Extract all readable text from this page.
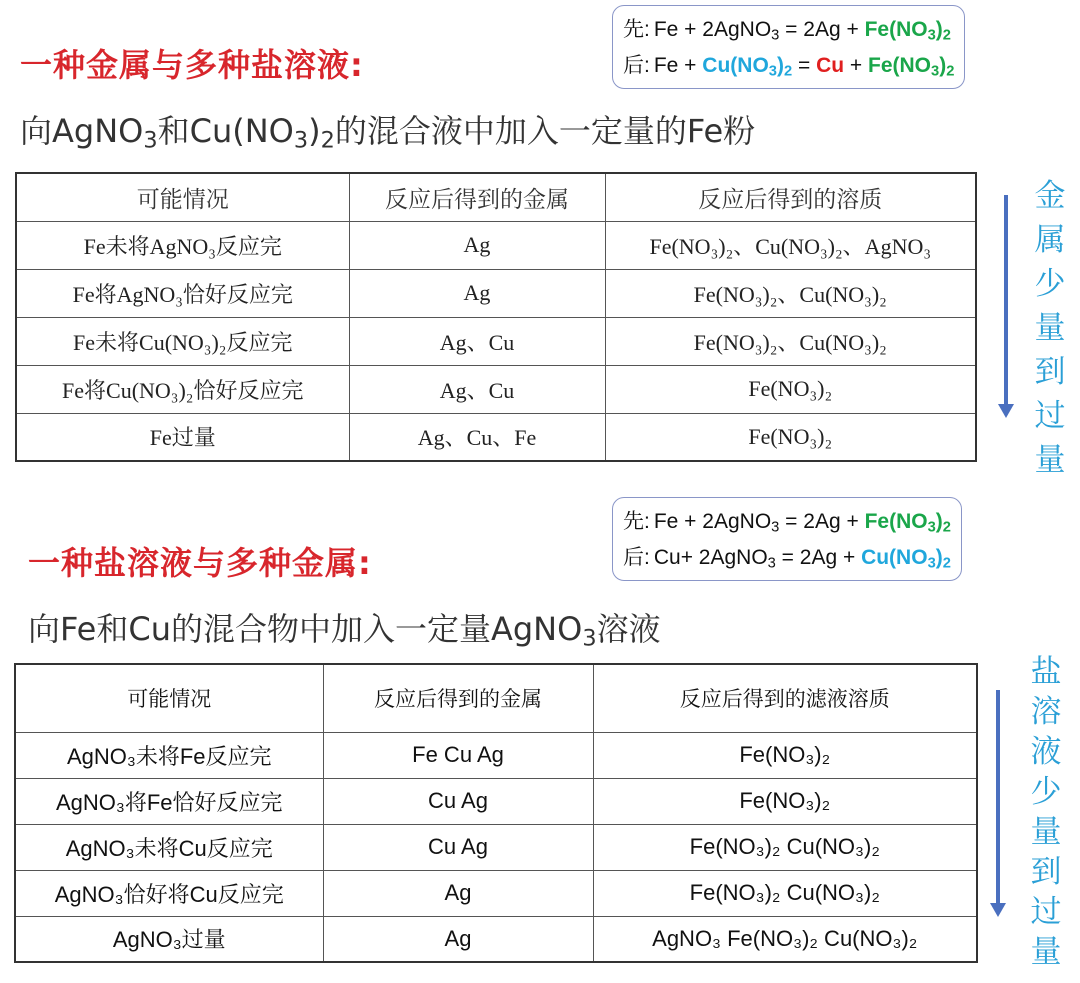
一种金属与多种盐溶液:
先: Fe + 2AgNO$_3$ = $2Ag + Fe(NO_3)_2$
后: $Fe + Cu(NO_3)_2 = Cu + Fe(NO_3)_2$
向AgNO$_3$和$Cu(NO_3)_2$的混合液中加入一定量的Fe粉
可能情况	反应后得到的金属	反应后得到的溶质
Fe未将AgNO₃反应完	Ag	Fe(NO₃)₂、Cu(NO₃)₂、AgNO₃
Fe将AgNO₃恰好反应完	Ag	Fe(NO₃)₂、Cu(NO₃)₂
Fe未将Cu(NO₃)₂反应完	Ag、Cu	Fe(NO₃)₂、Cu(NO₃)₂
Fe将Cu(NO₃)₂恰好反应完	Ag、Cu	Fe(NO₃)₂
Fe过量	Ag、Cu、Fe	Fe(NO₃)₂
金
属
少
量
到
过
量
先: Fe + 2AgNO$_3$ = $2Ag + Fe(NO_3)_2$
后: Cu+ 2AgNO$_3$ = $2Ag + Cu(NO_3)_2$
一种盐溶液与多种金属:
向Fe和Cu的混合物中加入一定量AgNO$_3$溶液
可能情况	反应后得到的金属	反应后得到的滤液溶质
AgNO₃未将Fe反应完	Fe Cu Ag	Fe(NO₃)₂
AgNO₃将Fe恰好反应完	Cu Ag	Fe(NO₃)₂
AgNO₃未将Cu反应完	Cu Ag	Fe(NO₃)₂ Cu(NO₃)₂
AgNO₃恰好将Cu反应完	Ag	Fe(NO₃)₂ Cu(NO₃)₂
AgNO₃过量	Ag	AgNO₃ Fe(NO₃)₂ Cu(NO₃)₂
盐
溶
液
少
量
到
过
量
